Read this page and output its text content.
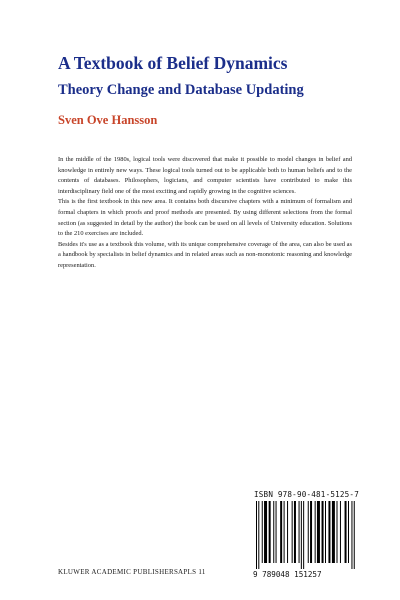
A Textbook of Belief Dynamics
Theory Change and Database Updating
Sven Ove Hansson

In the middle of the 1980s, logical tools were discovered that make it possible to model changes in belief and knowledge in entirely new ways. These logical tools turned out to be applicable both to human beliefs and to the contents of databases. Philosophers, logicians, and computer scientists have contributed to make this interdisciplinary field one of the most exciting and rapidly growing in the cognitive sciences.

This is the first textbook in this new area. It contains both discursive chapters with a minimum of formalism and formal chapters in which proofs and proof methods are presented. By using different selections from the formal section (as suggested in detail by the author) the book can be used on all levels of University education. Solutions to the 210 exercises are included.

Besides it's use as a textbook this volume, with its unique comprehensive coverage of the area, can also be used as a handbook by specialists in belief dynamics and in related areas such as non-monotonic reasoning and knowledge representation.

ISBN 978-90-481-5125-7
9 789048 151257
KLUWER ACADEMIC PUBLISHERS APLS 11
